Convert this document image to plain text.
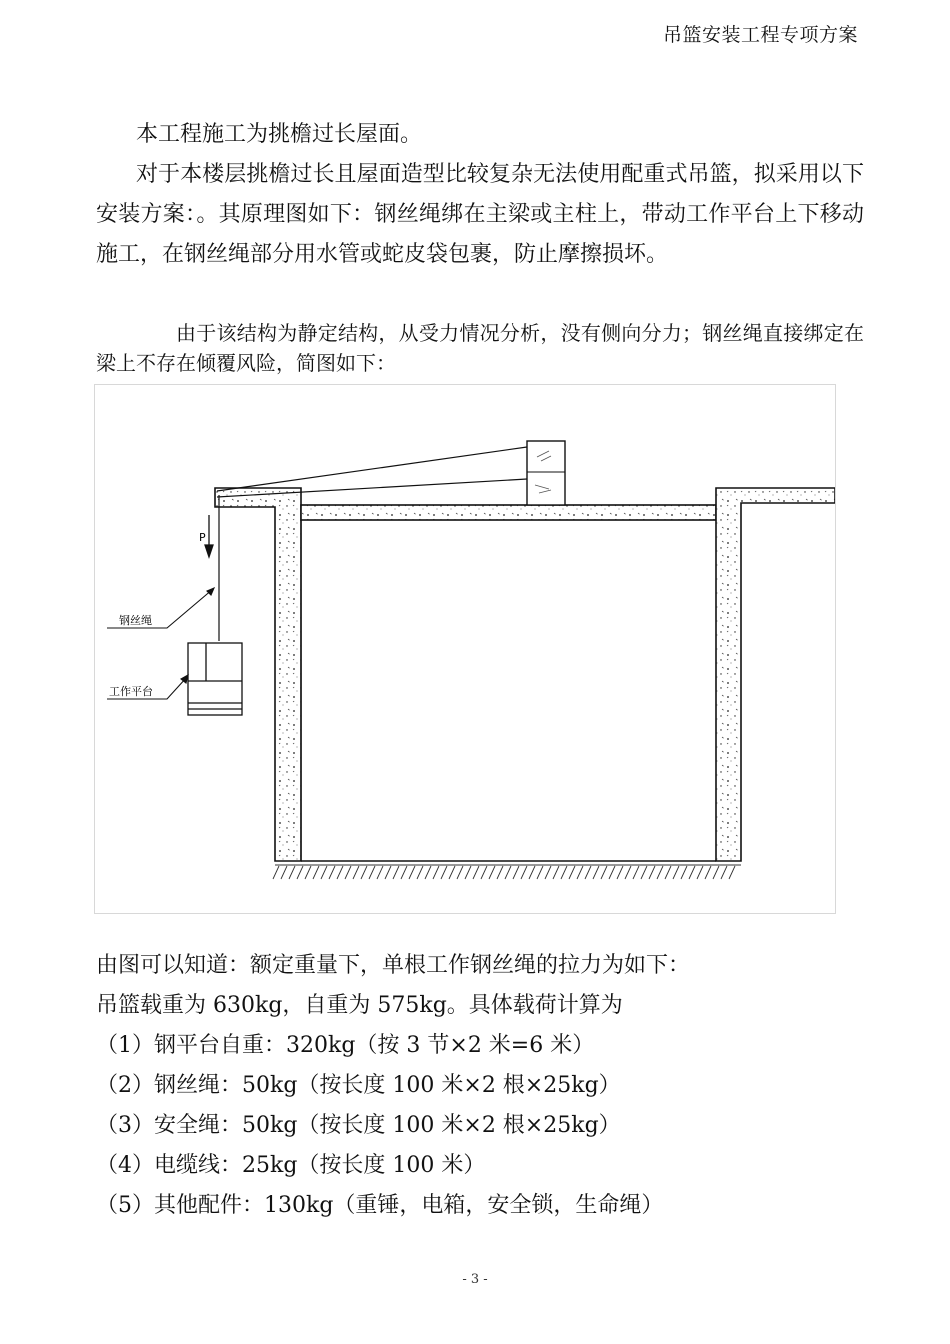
吊篮安装工程专项方案

本工程施工为挑檐过长屋面。

对于本楼层挑檐过长且屋面造型比较复杂无法使用配重式吊篮，拟采用以下安装方案：。其原理图如下：钢丝绳绑在主梁或主柱上，带动工作平台上下移动施工，在钢丝绳部分用水管或蛇皮袋包裹，防止摩擦损坏。

由于该结构为静定结构，从受力情况分析，没有侧向分力；钢丝绳直接绑定在梁上不存在倾覆风险，简图如下：

P
钢丝绳
工作平台
由图可以知道：额定重量下，单根工作钢丝绳的拉力为如下：
吊篮载重为 630kg，自重为 575kg。具体载荷计算为
（1）钢平台自重：320kg（按 3 节×2 米=6 米）
（2）钢丝绳：50kg（按长度 100 米×2 根×25kg）
（3）安全绳：50kg（按长度 100 米×2 根×25kg）
（4）电缆线：25kg（按长度 100 米）
（5）其他配件：130kg（重锤，电箱，安全锁，生命绳）
- 3 -
